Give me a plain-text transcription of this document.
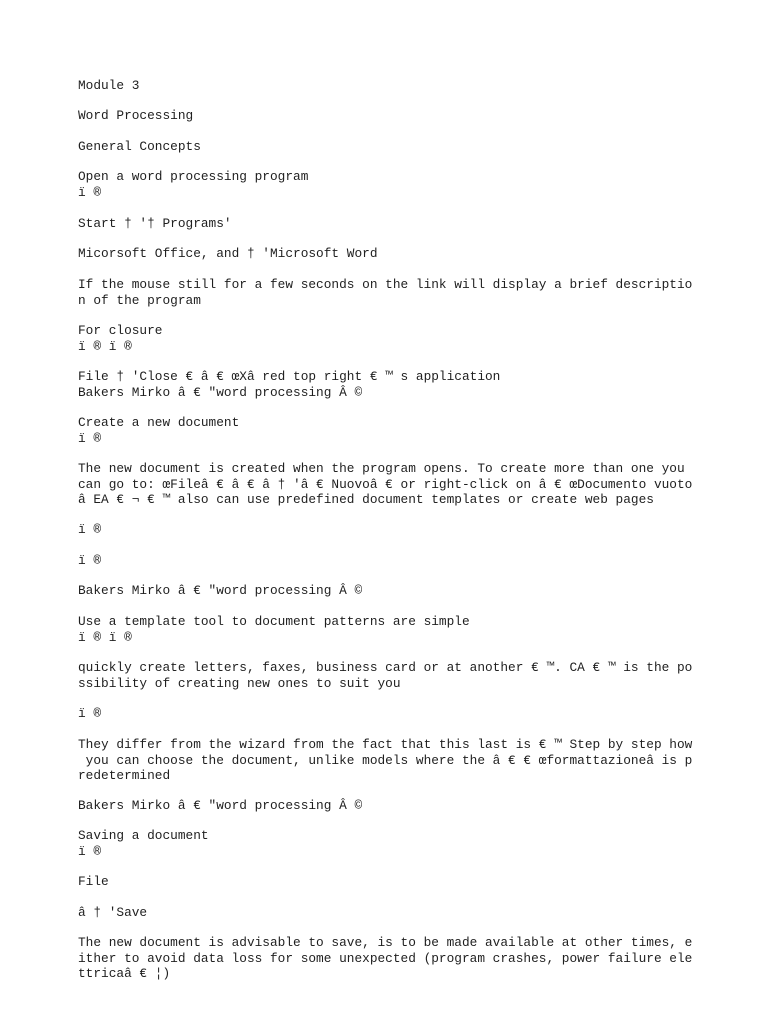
Module 3

Word Processing

General Concepts

Open a word processing program
ï ®

Start † '† Programs'

Micorsoft Office, and † 'Microsoft Word

If the mouse still for a few seconds on the link will display a brief descriptio
n of the program

For closure
ï ® ï ®

File † 'Close € â € œXâ red top right € ™ s application
Bakers Mirko â € "word processing Â ©

Create a new document
ï ®

The new document is created when the program opens. To create more than one you
can go to: œFileâ € â € â † 'â € Nuovoâ € or right-click on â € œDocumento vuoto
â EA € ¬ € ™ also can use predefined document templates or create web pages

ï ®

ï ®

Bakers Mirko â € "word processing Â ©

Use a template tool to document patterns are simple
ï ® ï ®

quickly create letters, faxes, business card or at another € ™. CA € ™ is the po
ssibility of creating new ones to suit you

ï ®

They differ from the wizard from the fact that this last is € ™ Step by step how
you can choose the document, unlike models where the â € € œformattazioneâ is p
redetermined

Bakers Mirko â € "word processing Â ©

Saving a document
ï ®

File

â † 'Save

The new document is advisable to save, is to be made available at other times, e
ither to avoid data loss for some unexpected (program crashes, power failure ele
ttricaâ € ¦)
